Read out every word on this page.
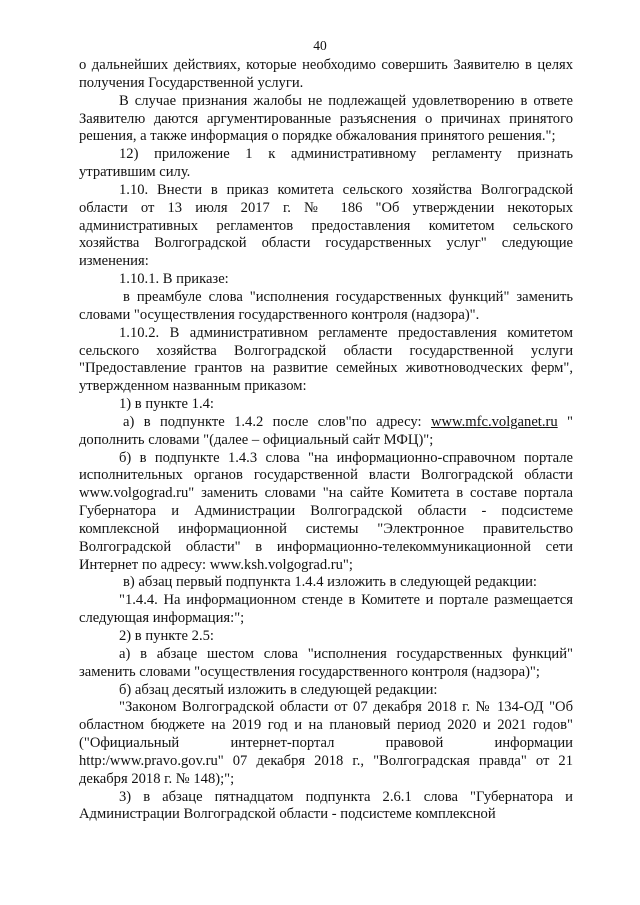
40

о дальнейших действиях, которые необходимо совершить Заявителю в целях получения Государственной услуги.

В случае признания жалобы не подлежащей удовлетворению в ответе Заявителю даются аргументированные разъяснения о причинах принятого решения, а также информация о порядке обжалования принятого решения.";

12) приложение 1 к административному регламенту признать утратившим силу.

1.10. Внести в приказ комитета сельского хозяйства Волгоградской области от 13 июля 2017 г. № 186 "Об утверждении некоторых административных регламентов предоставления комитетом сельского хозяйства Волгоградской области государственных услуг" следующие изменения:

1.10.1. В приказе:

в преамбуле слова "исполнения государственных функций" заменить словами "осуществления государственного контроля (надзора)".

1.10.2. В административном регламенте предоставления комитетом сельского хозяйства Волгоградской области государственной услуги "Предоставление грантов на развитие семейных животноводческих ферм", утвержденном названным приказом:

1) в пункте 1.4:

а) в подпункте 1.4.2 после слов"по адресу: www.mfc.volganet.ru " дополнить словами "(далее – официальный сайт МФЦ)";

б) в подпункте 1.4.3 слова "на информационно-справочном портале исполнительных органов государственной власти Волгоградской области www.volgograd.ru" заменить словами "на сайте Комитета в составе портала Губернатора и Администрации Волгоградской области - подсистеме комплексной информационной системы "Электронное правительство Волгоградской области" в информационно-телекоммуникационной сети Интернет по адресу: www.ksh.volgograd.ru";

в) абзац первый подпункта 1.4.4 изложить в следующей редакции:

"1.4.4. На информационном стенде в Комитете и портале размещается следующая информация:";

2) в пункте 2.5:

а) в абзаце шестом слова "исполнения государственных функций" заменить словами "осуществления государственного контроля (надзора)";

б) абзац десятый изложить в следующей редакции:

"Законом Волгоградской области от 07 декабря 2018 г. № 134-ОД "Об областном бюджете на 2019 год и на плановый период 2020 и 2021 годов" ("Официальный интернет-портал правовой информации http:/www.pravo.gov.ru" 07 декабря 2018 г., "Волгоградская правда" от 21 декабря 2018 г. № 148);";

3) в абзаце пятнадцатом подпункта 2.6.1 слова "Губернатора и Администрации Волгоградской области - подсистеме комплексной
